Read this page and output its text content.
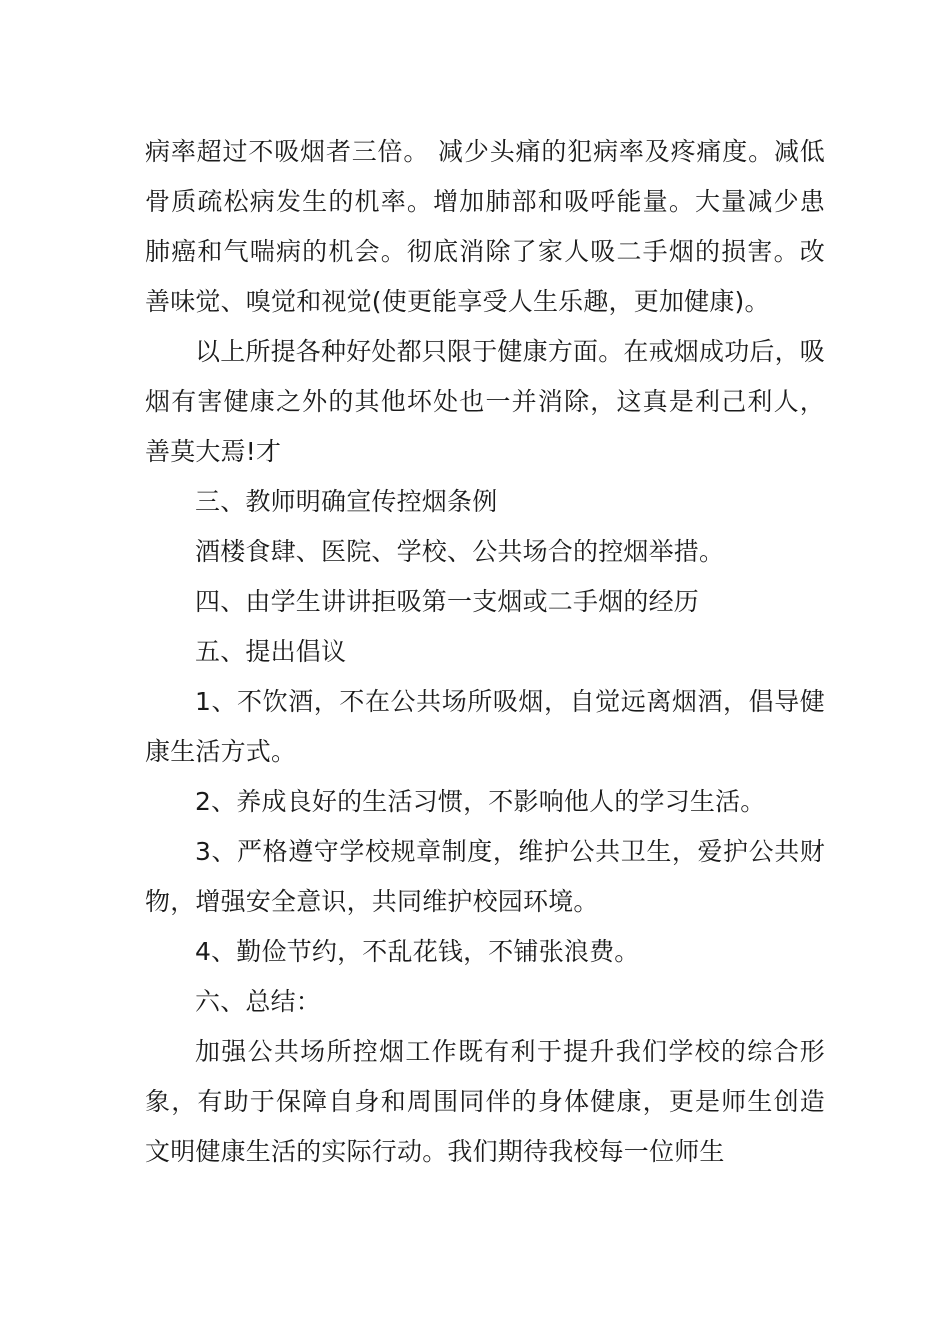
病率超过不吸烟者三倍。 减少头痛的犯病率及疼痛度。减低骨质疏松病发生的机率。增加肺部和吸呼能量。大量减少患肺癌和气喘病的机会。彻底消除了家人吸二手烟的损害。改善味觉、嗅觉和视觉(使更能享受人生乐趣，更加健康)。

以上所提各种好处都只限于健康方面。在戒烟成功后，吸烟有害健康之外的其他坏处也一并消除，这真是利己利人，善莫大焉!才

三、教师明确宣传控烟条例

酒楼食肆、医院、学校、公共场合的控烟举措。

四、由学生讲讲拒吸第一支烟或二手烟的经历

五、提出倡议

1、不饮酒，不在公共场所吸烟，自觉远离烟酒，倡导健康生活方式。

2、养成良好的生活习惯，不影响他人的学习生活。

3、严格遵守学校规章制度，维护公共卫生，爱护公共财物，增强安全意识，共同维护校园环境。

4、勤俭节约，不乱花钱，不铺张浪费。

六、总结：

加强公共场所控烟工作既有利于提升我们学校的综合形象，有助于保障自身和周围同伴的身体健康，更是师生创造文明健康生活的实际行动。我们期待我校每一位师生
